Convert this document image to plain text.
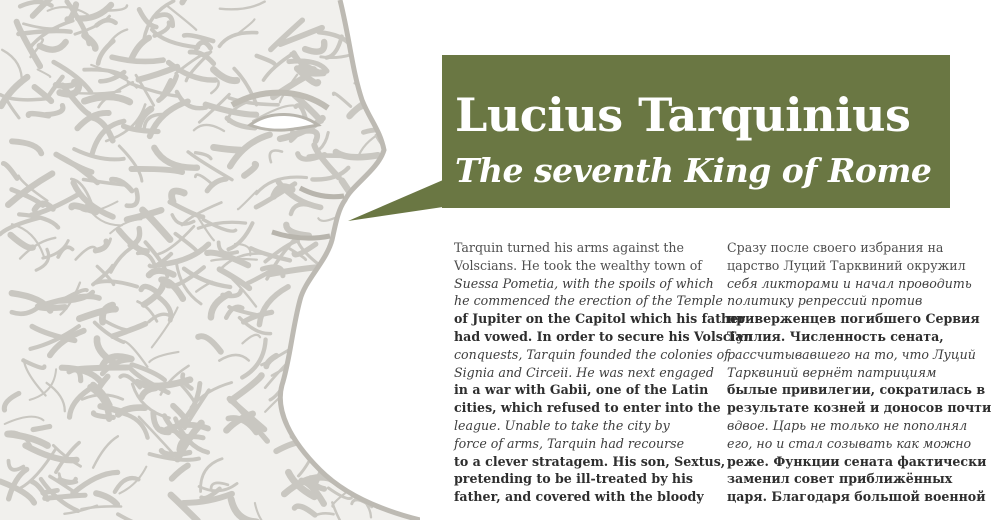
Lucius Tarquinius
The seventh King of Rome
Tarquin turned his arms against the
Volscians. He took the wealthy town of
Suessa Pometia, with the spoils of which
he commenced the erection of the Temple
of Jupiter on the Capitol which his father
had vowed. In order to secure his Volscian
conquests, Tarquin founded the colonies of
Signia and Circeii. He was next engaged
in a war with Gabii, one of the Latin
cities, which refused to enter into the
league. Unable to take the city by
force of arms, Tarquin had recourse
to a clever stratagem. His son, Sextus,
pretending to be ill-treated by his
father, and covered with the bloody
Сразу после своего избрания на
царство Луций Тарквиний окружил
себя ликторами и начал проводить
политику репрессий против
приверженцев погибшего Сервия
Туллия. Численность сената,
рассчитывавшего на то, что Луций
Тарквиний вернёт патрициям
былые привилегии, сократилась в
результате козней и доносов почти
вдвое. Царь не только не пополнял
его, но и стал созывать как можно
реже. Функции сената фактически
заменил совет приближённых
царя. Благодаря большой военной
